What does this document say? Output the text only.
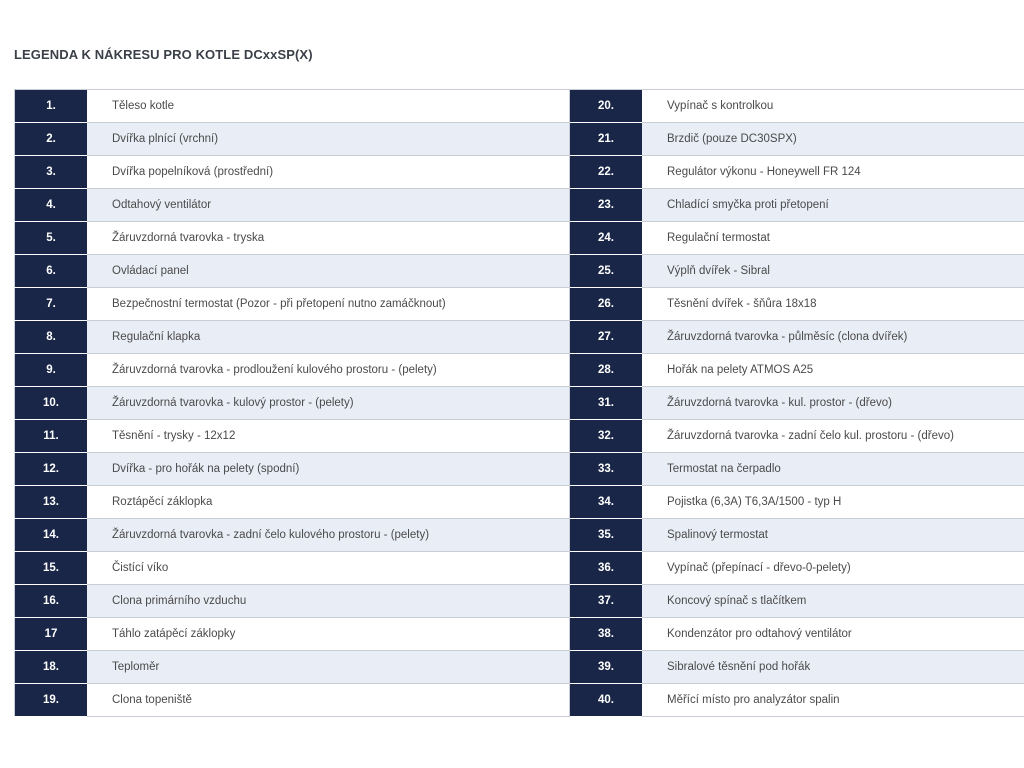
LEGENDA K NÁKRESU PRO KOTLE DCxxSP(X)
1.	Těleso kotle	20.	Vypínač s kontrolkou
2.	Dvířka plnící (vrchní)	21.	Brzdič (pouze DC30SPX)
3.	Dvířka popelníková (prostřední)	22.	Regulátor výkonu - Honeywell FR 124
4.	Odtahový ventilátor	23.	Chladící smyčka proti přetopení
5.	Žáruvzdorná tvarovka - tryska	24.	Regulační termostat
6.	Ovládací panel	25.	Výplň dvířek - Sibral
7.	Bezpečnostní termostat (Pozor - při přetopení nutno zamáčknout)	26.	Těsnění dvířek - šňůra 18x18
8.	Regulační klapka	27.	Žáruvzdorná tvarovka - půlměsíc (clona dvířek)
9.	Žáruvzdorná tvarovka - prodloužení kulového prostoru - (pelety)	28.	Hořák na pelety ATMOS A25
10.	Žáruvzdorná tvarovka - kulový prostor - (pelety)	31.	Žáruvzdorná tvarovka - kul. prostor - (dřevo)
11.	Těsnění - trysky - 12x12	32.	Žáruvzdorná tvarovka - zadní čelo kul. prostoru - (dřevo)
12.	Dvířka - pro hořák na pelety (spodní)	33.	Termostat na čerpadlo
13.	Roztápěcí záklopka	34.	Pojistka (6,3A) T6,3A/1500 - typ H
14.	Žáruvzdorná tvarovka - zadní čelo kulového prostoru - (pelety)	35.	Spalinový termostat
15.	Čistící víko	36.	Vypínač (přepínací - dřevo-0-pelety)
16.	Clona primárního vzduchu	37.	Koncový spínač s tlačítkem
17	Táhlo zatápěcí záklopky	38.	Kondenzátor pro odtahový ventilátor
18.	Teploměr	39.	Sibralové těsnění pod hořák
19.	Clona topeniště	40.	Měřící místo pro analyzátor spalin
